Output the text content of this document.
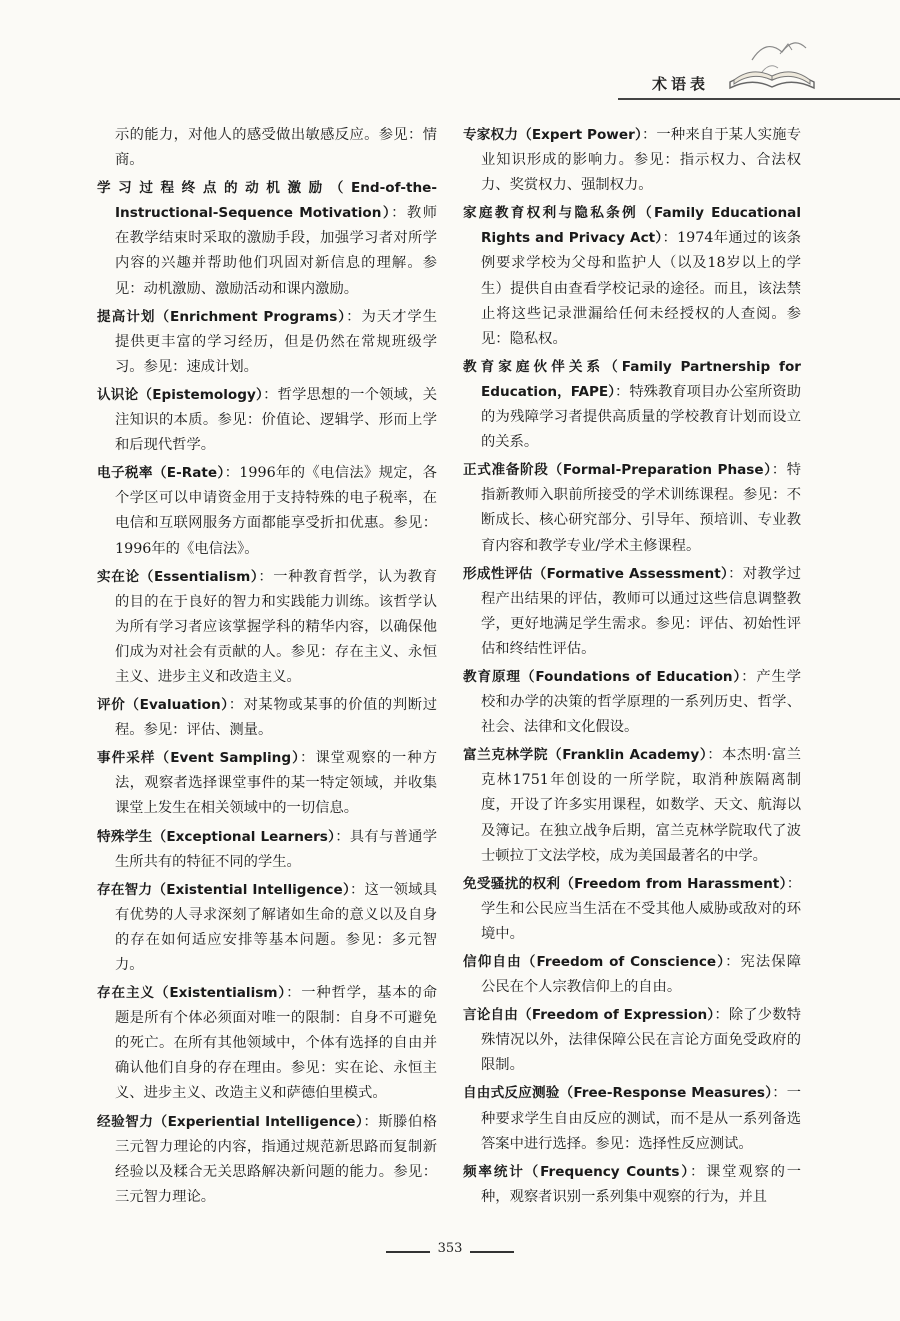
术语表

示的能力，对他人的感受做出敏感反应。参见：情商。

学习过程终点的动机激励（End-of-the-Instructional-Sequence Motivation）：教师在教学结束时采取的激励手段，加强学习者对所学内容的兴趣并帮助他们巩固对新信息的理解。参见：动机激励、激励活动和课内激励。

提高计划（Enrichment Programs）：为天才学生提供更丰富的学习经历，但是仍然在常规班级学习。参见：速成计划。

认识论（Epistemology）：哲学思想的一个领域，关注知识的本质。参见：价值论、逻辑学、形而上学和后现代哲学。

电子税率（E-Rate）：1996年的《电信法》规定，各个学区可以申请资金用于支持特殊的电子税率，在电信和互联网服务方面都能享受折扣优惠。参见：1996年的《电信法》。

实在论（Essentialism）：一种教育哲学，认为教育的目的在于良好的智力和实践能力训练。该哲学认为所有学习者应该掌握学科的精华内容，以确保他们成为对社会有贡献的人。参见：存在主义、永恒主义、进步主义和改造主义。

评价（Evaluation）：对某物或某事的价值的判断过程。参见：评估、测量。

事件采样（Event Sampling）：课堂观察的一种方法，观察者选择课堂事件的某一特定领域，并收集课堂上发生在相关领域中的一切信息。

特殊学生（Exceptional Learners）：具有与普通学生所共有的特征不同的学生。

存在智力（Existential Intelligence）：这一领域具有优势的人寻求深刻了解诸如生命的意义以及自身的存在如何适应安排等基本问题。参见：多元智力。

存在主义（Existentialism）：一种哲学，基本的命题是所有个体必须面对唯一的限制：自身不可避免的死亡。在所有其他领域中，个体有选择的自由并确认他们自身的存在理由。参见：实在论、永恒主义、进步主义、改造主义和萨德伯里模式。

经验智力（Experiential Intelligence）：斯滕伯格三元智力理论的内容，指通过规范新思路而复制新经验以及糅合无关思路解决新问题的能力。参见：三元智力理论。

专家权力（Expert Power）：一种来自于某人实施专业知识形成的影响力。参见：指示权力、合法权力、奖赏权力、强制权力。

家庭教育权利与隐私条例（Family Educational Rights and Privacy Act）：1974年通过的该条例要求学校为父母和监护人（以及18岁以上的学生）提供自由查看学校记录的途径。而且，该法禁止将这些记录泄漏给任何未经授权的人查阅。参见：隐私权。

教育家庭伙伴关系（Family Partnership for Education，FAPE）：特殊教育项目办公室所资助的为残障学习者提供高质量的学校教育计划而设立的关系。

正式准备阶段（Formal-Preparation Phase）：特指新教师入职前所接受的学术训练课程。参见：不断成长、核心研究部分、引导年、预培训、专业教育内容和教学专业/学术主修课程。

形成性评估（Formative Assessment）：对教学过程产出结果的评估，教师可以通过这些信息调整教学，更好地满足学生需求。参见：评估、初始性评估和终结性评估。

教育原理（Foundations of Education）：产生学校和办学的决策的哲学原理的一系列历史、哲学、社会、法律和文化假设。

富兰克林学院（Franklin Academy）：本杰明·富兰克林1751年创设的一所学院，取消种族隔离制度，开设了许多实用课程，如数学、天文、航海以及簿记。在独立战争后期，富兰克林学院取代了波士顿拉丁文法学校，成为美国最著名的中学。

免受骚扰的权利（Freedom from Harassment）：学生和公民应当生活在不受其他人威胁或敌对的环境中。

信仰自由（Freedom of Conscience）：宪法保障公民在个人宗教信仰上的自由。

言论自由（Freedom of Expression）：除了少数特殊情况以外，法律保障公民在言论方面免受政府的限制。

自由式反应测验（Free-Response Measures）：一种要求学生自由反应的测试，而不是从一系列备选答案中进行选择。参见：选择性反应测试。

频率统计（Frequency Counts）：课堂观察的一种，观察者识别一系列集中观察的行为，并且

353
